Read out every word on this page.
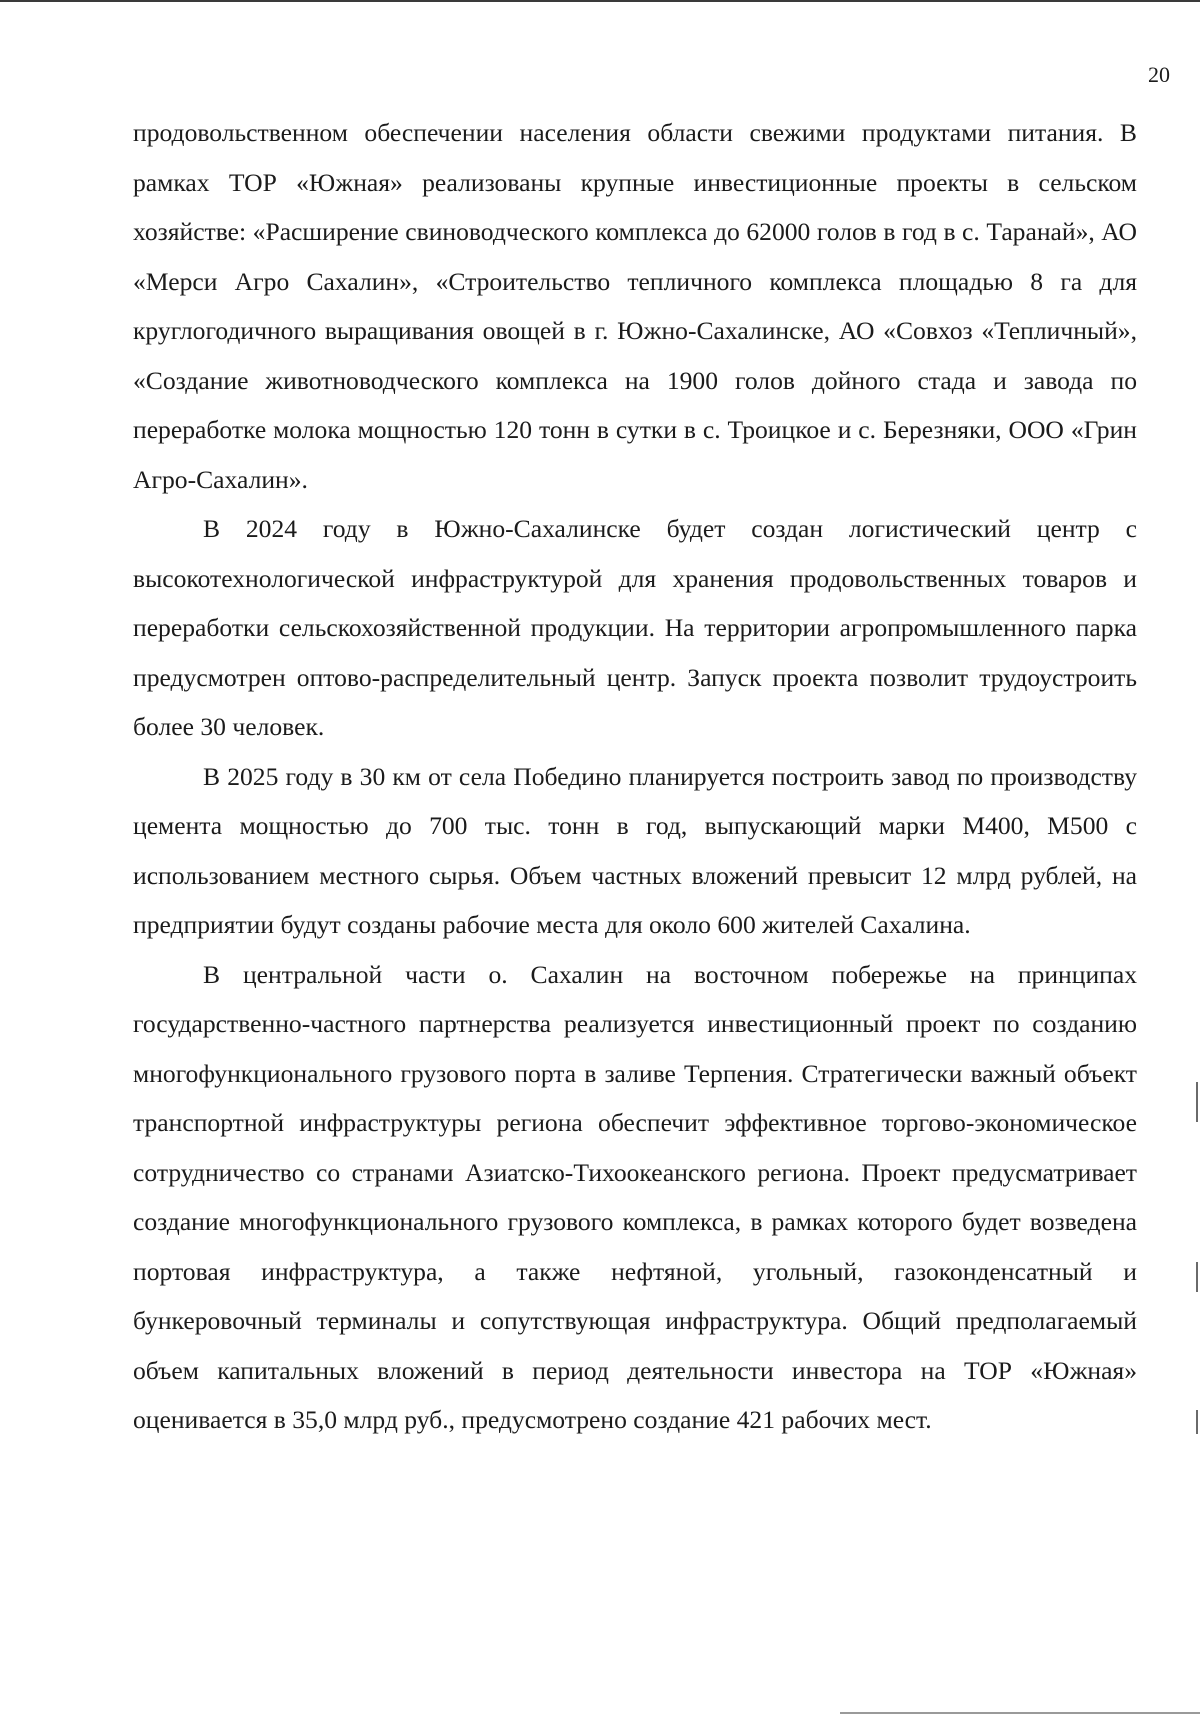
20

продовольственном обеспечении населения области свежими продуктами питания. В рамках ТОР «Южная» реализованы крупные инвестиционные проекты в сельском хозяйстве: «Расширение свиноводческого комплекса до 62000 голов в год в с. Таранай», АО «Мерси Агро Сахалин», «Строительство тепличного комплекса площадью 8 га для круглогодичного выращивания овощей в г. Южно-Сахалинске, АО «Совхоз «Тепличный», «Создание животноводческого комплекса на 1900 голов дойного стада и завода по переработке молока мощностью 120 тонн в сутки в с. Троицкое и с. Березняки, ООО «Грин Агро-Сахалин».

В 2024 году в Южно-Сахалинске будет создан логистический центр с высокотехнологической инфраструктурой для хранения продовольственных товаров и переработки сельскохозяйственной продукции. На территории агропромышленного парка предусмотрен оптово-распределительный центр. Запуск проекта позволит трудоустроить более 30 человек.

В 2025 году в 30 км от села Победино планируется построить завод по производству цемента мощностью до 700 тыс. тонн в год, выпускающий марки М400, М500 с использованием местного сырья. Объем частных вложений превысит 12 млрд рублей, на предприятии будут созданы рабочие места для около 600 жителей Сахалина.

В центральной части о. Сахалин на восточном побережье на принципах государственно-частного партнерства реализуется инвестиционный проект по созданию многофункционального грузового порта в заливе Терпения. Стратегически важный объект транспортной инфраструктуры региона обеспечит эффективное торгово-экономическое сотрудничество со странами Азиатско-Тихоокеанского региона. Проект предусматривает создание многофункционального грузового комплекса, в рамках которого будет возведена портовая инфраструктура, а также нефтяной, угольный, газоконденсатный и бункеровочный терминалы и сопутствующая инфраструктура. Общий предполагаемый объем капитальных вложений в период деятельности инвестора на ТОР «Южная» оценивается в 35,0 млрд руб., предусмотрено создание 421 рабочих мест.
